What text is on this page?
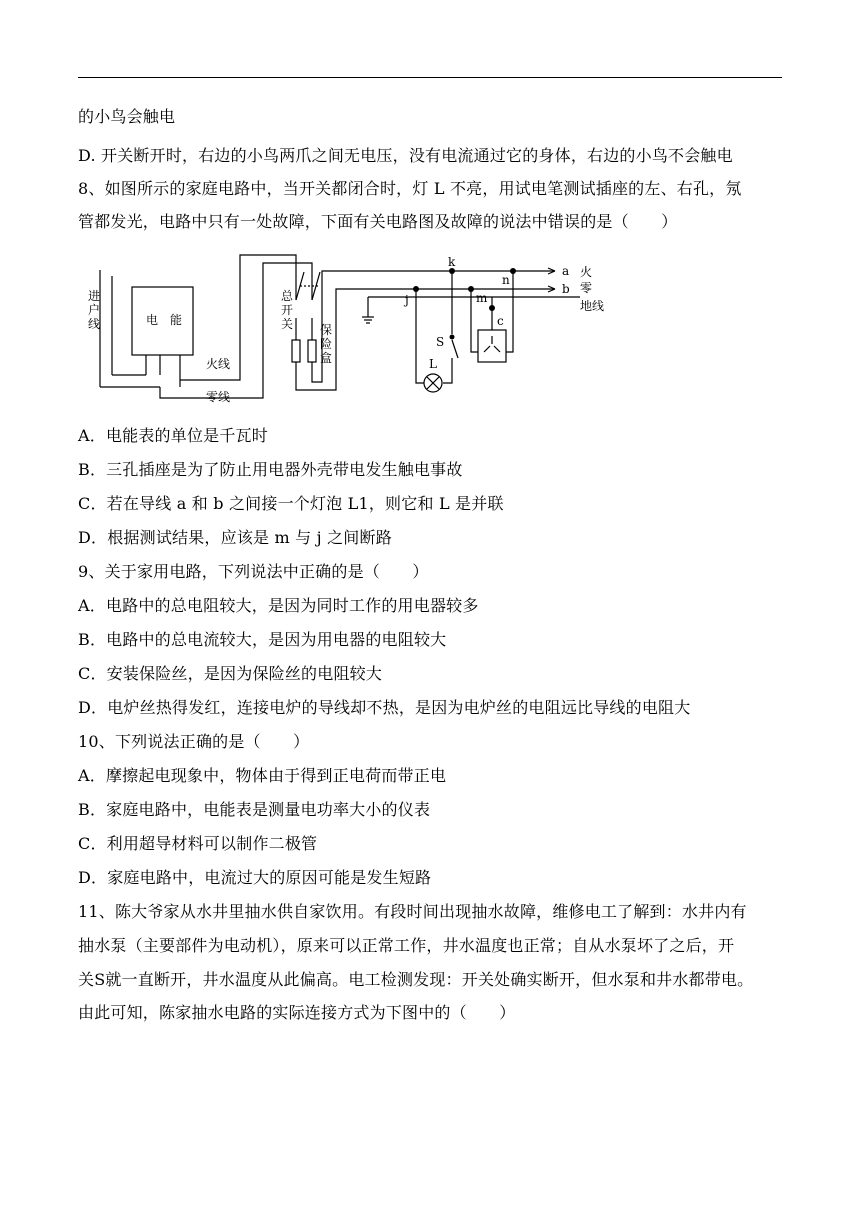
的小鸟会触电
D. 开关断开时，右边的小鸟两爪之间无电压，没有电流通过它的身体，右边的小鸟不会触电
8、如图所示的家庭电路中，当开关都闭合时，灯 L 不亮，用试电笔测试插座的左、右孔，氖
管都发光，电路中只有一处故障，下面有关电路图及故障的说法中错误的是（　　）
进
户
线	电　能
火线
零线
总
开
关 保
险
盒
k
n
j	m
c
S
L
a
b
火
零
地线
A．电能表的单位是千瓦时
B．三孔插座是为了防止用电器外壳带电发生触电事故
C．若在导线 a 和 b 之间接一个灯泡 L1，则它和 L 是并联
D．根据测试结果，应该是 m 与 j 之间断路
9、关于家用电路，下列说法中正确的是（　　）
A．电路中的总电阻较大，是因为同时工作的用电器较多
B．电路中的总电流较大，是因为用电器的电阻较大
C．安装保险丝，是因为保险丝的电阻较大
D．电炉丝热得发红，连接电炉的导线却不热，是因为电炉丝的电阻远比导线的电阻大
10、下列说法正确的是（　　）
A．摩擦起电现象中，物体由于得到正电荷而带正电
B．家庭电路中，电能表是测量电功率大小的仪表
C．利用超导材料可以制作二极管
D．家庭电路中，电流过大的原因可能是发生短路
11、陈大爷家从水井里抽水供自家饮用。有段时间出现抽水故障，维修电工了解到：水井内有
抽水泵（主要部件为电动机），原来可以正常工作，井水温度也正常；自从水泵坏了之后，开
关S就一直断开，井水温度从此偏高。电工检测发现：开关处确实断开，但水泵和井水都带电。
由此可知，陈家抽水电路的实际连接方式为下图中的（　　）
